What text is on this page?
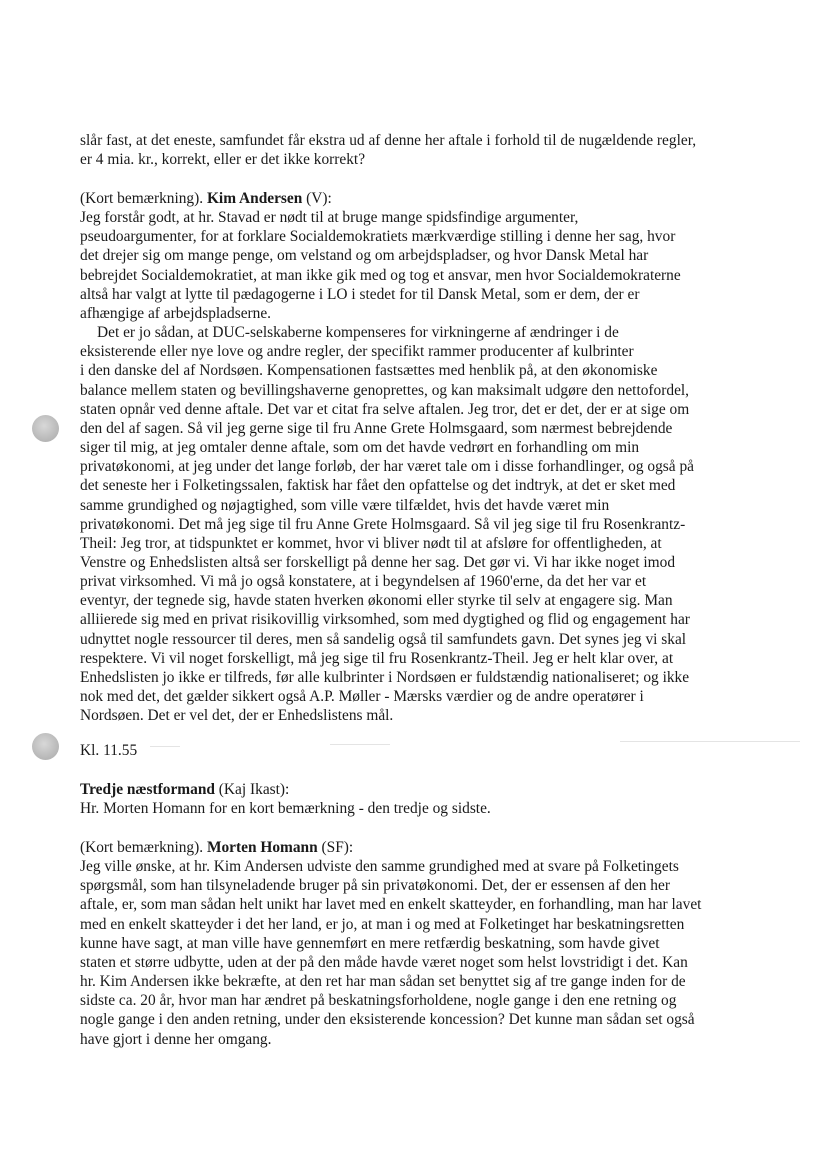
slår fast, at det eneste, samfundet får ekstra ud af denne her aftale i forhold til de nugældende regler,
er 4 mia. kr., korrekt, eller er det ikke korrekt?
(Kort bemærkning). Kim Andersen (V):
Jeg forstår godt, at hr. Stavad er nødt til at bruge mange spidsfindige argumenter,
pseudoargumenter, for at forklare Socialdemokratiets mærkværdige stilling i denne her sag, hvor
det drejer sig om mange penge, om velstand og om arbejdspladser, og hvor Dansk Metal har
bebrejdet Socialdemokratiet, at man ikke gik med og tog et ansvar, men hvor Socialdemokraterne
altså har valgt at lytte til pædagogerne i LO i stedet for til Dansk Metal, som er dem, der er
afhængige af arbejdspladserne.
Det er jo sådan, at DUC-selskaberne kompenseres for virkningerne af ændringer i de
eksisterende eller nye love og andre regler, der specifikt rammer producenter af kulbrinter
i den danske del af Nordsøen. Kompensationen fastsættes med henblik på, at den økonomiske
balance mellem staten og bevillingshaverne genoprettes, og kan maksimalt udgøre den nettofordel,
staten opnår ved denne aftale. Det var et citat fra selve aftalen. Jeg tror, det er det, der er at sige om
den del af sagen. Så vil jeg gerne sige til fru Anne Grete Holmsgaard, som nærmest bebrejdende
siger til mig, at jeg omtaler denne aftale, som om det havde vedrørt en forhandling om min
privatøkonomi, at jeg under det lange forløb, der har været tale om i disse forhandlinger, og også på
det seneste her i Folketingssalen, faktisk har fået den opfattelse og det indtryk, at det er sket med
samme grundighed og nøjagtighed, som ville være tilfældet, hvis det havde været min
privatøkonomi. Det må jeg sige til fru Anne Grete Holmsgaard. Så vil jeg sige til fru Rosenkrantz-
Theil: Jeg tror, at tidspunktet er kommet, hvor vi bliver nødt til at afsløre for offentligheden, at
Venstre og Enhedslisten altså ser forskelligt på denne her sag. Det gør vi. Vi har ikke noget imod
privat virksomhed. Vi må jo også konstatere, at i begyndelsen af 1960'erne, da det her var et
eventyr, der tegnede sig, havde staten hverken økonomi eller styrke til selv at engagere sig. Man
alliierede sig med en privat risikovillig virksomhed, som med dygtighed og flid og engagement har
udnyttet nogle ressourcer til deres, men så sandelig også til samfundets gavn. Det synes jeg vi skal
respektere. Vi vil noget forskelligt, må jeg sige til fru Rosenkrantz-Theil. Jeg er helt klar over, at
Enhedslisten jo ikke er tilfreds, før alle kulbrinter i Nordsøen er fuldstændig nationaliseret; og ikke
nok med det, det gælder sikkert også A.P. Møller - Mærsks værdier og de andre operatører i
Nordsøen. Det er vel det, der er Enhedslistens mål.
Kl. 11.55
Tredje næstformand (Kaj Ikast):
Hr. Morten Homann for en kort bemærkning - den tredje og sidste.
(Kort bemærkning). Morten Homann (SF):
Jeg ville ønske, at hr. Kim Andersen udviste den samme grundighed med at svare på Folketingets
spørgsmål, som han tilsyneladende bruger på sin privatøkonomi. Det, der er essensen af den her
aftale, er, som man sådan helt unikt har lavet med en enkelt skatteyder, en forhandling, man har lavet
med en enkelt skatteyder i det her land, er jo, at man i og med at Folketinget har beskatningsretten
kunne have sagt, at man ville have gennemført en mere retfærdig beskatning, som havde givet
staten et større udbytte, uden at der på den måde havde været noget som helst lovstridigt i det. Kan
hr. Kim Andersen ikke bekræfte, at den ret har man sådan set benyttet sig af tre gange inden for de
sidste ca. 20 år, hvor man har ændret på beskatningsforholdene, nogle gange i den ene retning og
nogle gange i den anden retning, under den eksisterende koncession? Det kunne man sådan set også
have gjort i denne her omgang.
